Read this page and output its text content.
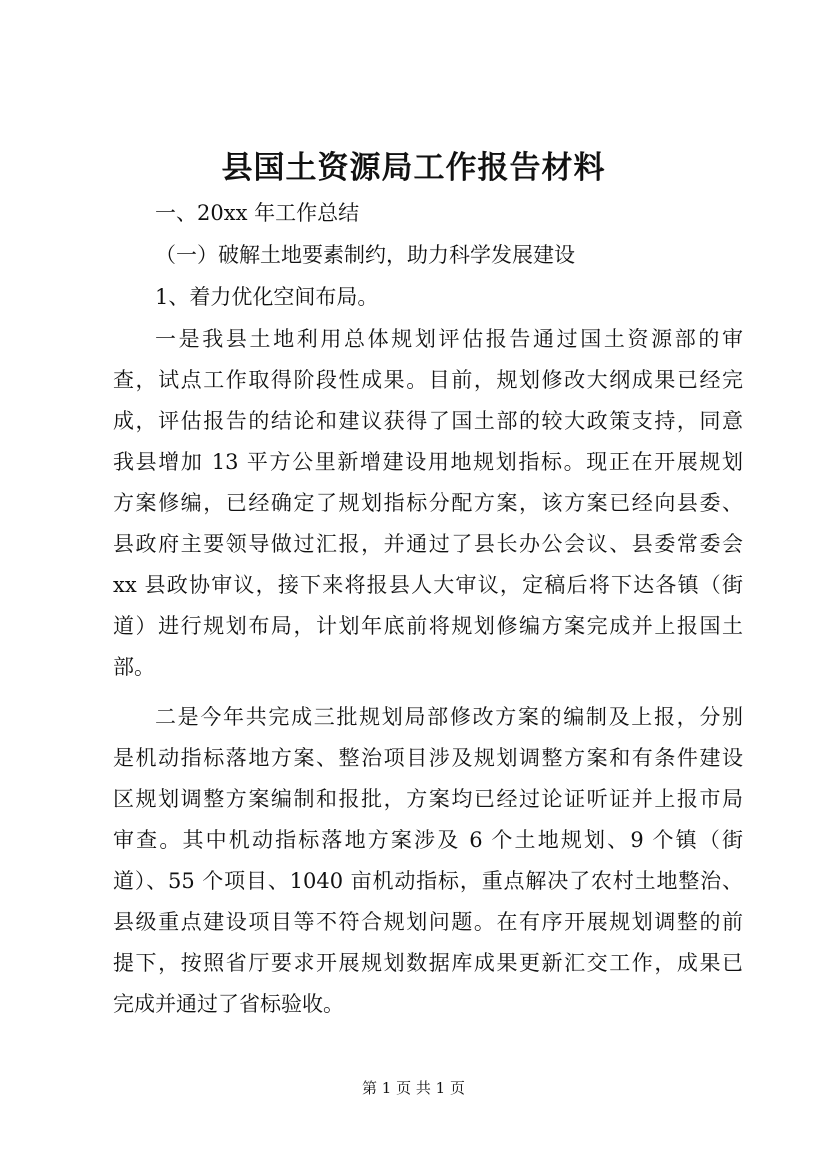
县国土资源局工作报告材料
一、20xx 年工作总结
（一）破解土地要素制约，助力科学发展建设
1、着力优化空间布局。
一是我县土地利用总体规划评估报告通过国土资源部的审
查，试点工作取得阶段性成果。目前，规划修改大纲成果已经完
成，评估报告的结论和建议获得了国土部的较大政策支持，同意
我县增加 13 平方公里新增建设用地规划指标。现正在开展规划
方案修编，已经确定了规划指标分配方案，该方案已经向县委、
县政府主要领导做过汇报，并通过了县长办公会议、县委常委会
xx 县政协审议，接下来将报县人大审议，定稿后将下达各镇（街
道）进行规划布局，计划年底前将规划修编方案完成并上报国土
部。
二是今年共完成三批规划局部修改方案的编制及上报，分别
是机动指标落地方案、整治项目涉及规划调整方案和有条件建设
区规划调整方案编制和报批，方案均已经过论证听证并上报市局
审查。其中机动指标落地方案涉及 6 个土地规划、9 个镇（街
道）、55 个项目、1040 亩机动指标，重点解决了农村土地整治、
县级重点建设项目等不符合规划问题。在有序开展规划调整的前
提下，按照省厅要求开展规划数据库成果更新汇交工作，成果已
完成并通过了省标验收。
第 1 页 共 1 页
